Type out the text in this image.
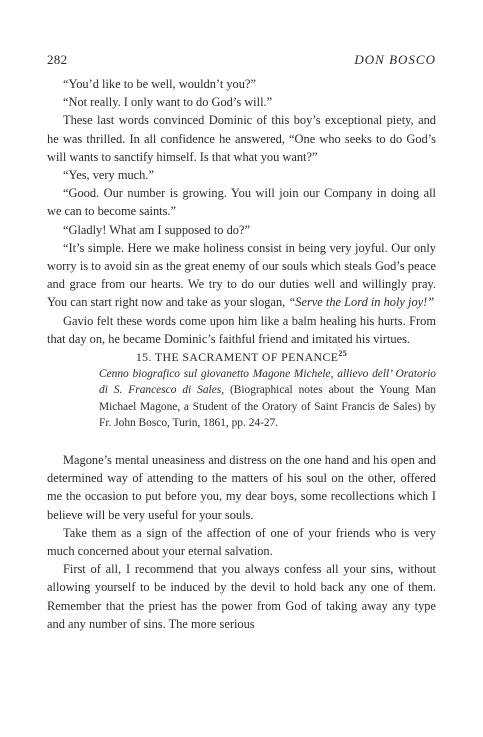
282	DON BOSCO

“You’d like to be well, wouldn’t you?”

“Not really. I only want to do God’s will.”

These last words convinced Dominic of this boy’s exceptional piety, and he was thrilled. In all confidence he answered, “One who seeks to do God’s will wants to sanctify himself. Is that what you want?”

“Yes, very much.”

“Good. Our number is growing. You will join our Company in doing all we can to become saints.”

“Gladly! What am I supposed to do?”

“It’s simple. Here we make holiness consist in being very joyful. Our only worry is to avoid sin as the great enemy of our souls which steals God’s peace and grace from our hearts. We try to do our duties well and willingly pray. You can start right now and take as your slogan, “Serve the Lord in holy joy!”

Gavio felt these words come upon him like a balm healing his hurts. From that day on, he became Dominic’s faithful friend and imitated his virtues.

15. THE SACRAMENT OF PENANCE$^{25}$

Cenno biografico sul giovanetto Magone Michele, allievo dell’ Oratorio di S. Francesco di Sales, (Biographical notes about the Young Man Michael Magone, a Student of the Oratory of Saint Francis de Sales) by Fr. John Bosco, Turin, 1861, pp. 24-27.

Magone’s mental uneasiness and distress on the one hand and his open and determined way of attending to the matters of his soul on the other, offered me the occasion to put before you, my dear boys, some recollections which I believe will be very useful for your souls.

Take them as a sign of the affection of one of your friends who is very much concerned about your eternal salvation.

First of all, I recommend that you always confess all your sins, without allowing yourself to be induced by the devil to hold back any one of them. Remember that the priest has the power from God of taking away any type and any number of sins. The more serious
